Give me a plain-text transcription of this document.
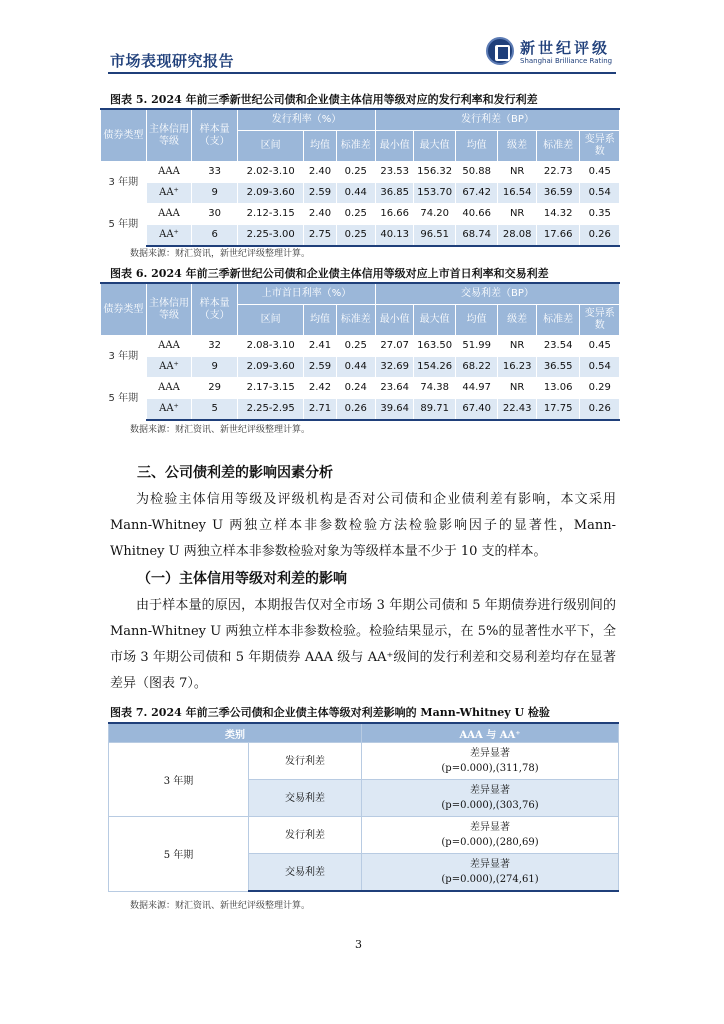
市场表现研究报告
新世纪评级
Shanghai Brilliance Rating
图表 5. 2024 年前三季新世纪公司债和企业债主体信用等级对应的发行利率和发行利差
债券类型	主体信用等级	样本量（支）	发行利率（%）			发行利差（BP）					
			区间	均值	标准差	最小值	最大值	均值	级差	标准差	变异系数
3 年期	AAA	33	2.02-3.10	2.40	0.25	23.53	156.32	50.88	NR	22.73	0.45
	AA⁺	9	2.09-3.60	2.59	0.44	36.85	153.70	67.42	16.54	36.59	0.54
5 年期	AAA	30	2.12-3.15	2.40	0.25	16.66	74.20	40.66	NR	14.32	0.35
	AA⁺	6	2.25-3.00	2.75	0.25	40.13	96.51	68.74	28.08	17.66	0.26
数据来源：财汇资讯，新世纪评级整理计算。
图表 6. 2024 年前三季新世纪公司债和企业债主体信用等级对应上市首日利率和交易利差
债券类型	主体信用等级	样本量（支）	上市首日利率（%）			交易利差（BP）					
			区间	均值	标准差	最小值	最大值	均值	级差	标准差	变异系数
3 年期	AAA	32	2.08-3.10	2.41	0.25	27.07	163.50	51.99	NR	23.54	0.45
	AA⁺	9	2.09-3.60	2.59	0.44	32.69	154.26	68.22	16.23	36.55	0.54
5 年期	AAA	29	2.17-3.15	2.42	0.24	23.64	74.38	44.97	NR	13.06	0.29
	AA⁺	5	2.25-2.95	2.71	0.26	39.64	89.71	67.40	22.43	17.75	0.26
数据来源：财汇资讯、新世纪评级整理计算。
三、公司债利差的影响因素分析
为检验主体信用等级及评级机构是否对公司债和企业债利差有影响，本文采用 Mann-Whitney U 两独立样本非参数检验方法检验影响因子的显著性，Mann-Whitney U 两独立样本非参数检验对象为等级样本量不少于 10 支的样本。
（一）主体信用等级对利差的影响
由于样本量的原因，本期报告仅对全市场 3 年期公司债和 5 年期债券进行级别间的 Mann-Whitney U 两独立样本非参数检验。检验结果显示，在 5%的显著性水平下，全市场 3 年期公司债和 5 年期债券 AAA 级与 AA⁺级间的发行利差和交易利差均存在显著差异（图表 7）。
图表 7. 2024 年前三季公司债和企业债主体等级对利差影响的 Mann-Whitney U 检验
类别		AAA 与 AA⁺
3 年期	发行利差	差异显著
(p=0.000),(311,78)

	交易利差	差异显著
(p=0.000),(303,76)

5 年期	发行利差	差异显著
(p=0.000),(280,69)

	交易利差	差异显著
(p=0.000),(274,61)
数据来源：财汇资讯、新世纪评级整理计算。
3
